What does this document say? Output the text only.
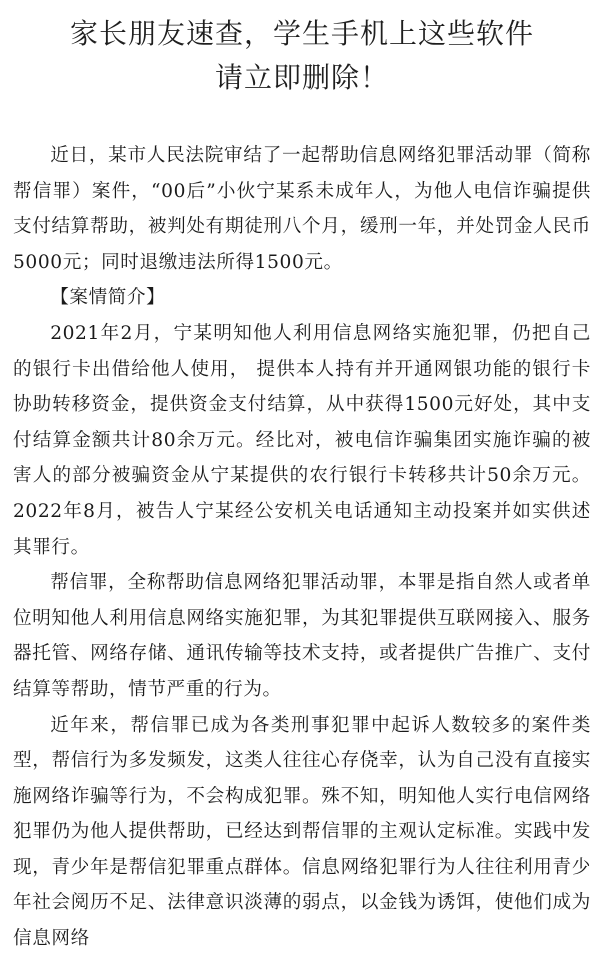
家长朋友速查，学生手机上这些软件
请立即删除！

近日，某市人民法院审结了一起帮助信息网络犯罪活动罪（简称帮信罪）案件，“00后”小伙宁某系未成年人，为他人电信诈骗提供支付结算帮助，被判处有期徒刑八个月，缓刑一年，并处罚金人民币5000元；同时退缴违法所得1500元。

【案情简介】

2021年2月，宁某明知他人利用信息网络实施犯罪，仍把自己的银行卡出借给他人使用， 提供本人持有并开通网银功能的银行卡协助转移资金，提供资金支付结算，从中获得1500元好处，其中支付结算金额共计80余万元。经比对，被电信诈骗集团实施诈骗的被害人的部分被骗资金从宁某提供的农行银行卡转移共计50余万元。2022年8月，被告人宁某经公安机关电话通知主动投案并如实供述其罪行。

帮信罪，全称帮助信息网络犯罪活动罪，本罪是指自然人或者单位明知他人利用信息网络实施犯罪，为其犯罪提供互联网接入、服务器托管、网络存储、通讯传输等技术支持，或者提供广告推广、支付结算等帮助，情节严重的行为。

近年来，帮信罪已成为各类刑事犯罪中起诉人数较多的案件类型，帮信行为多发频发，这类人往往心存侥幸，认为自己没有直接实施网络诈骗等行为，不会构成犯罪。殊不知，明知他人实行电信网络犯罪仍为他人提供帮助，已经达到帮信罪的主观认定标准。实践中发现，青少年是帮信犯罪重点群体。信息网络犯罪行为人往往利用青少年社会阅历不足、法律意识淡薄的弱点，以金钱为诱饵，使他们成为信息网络
